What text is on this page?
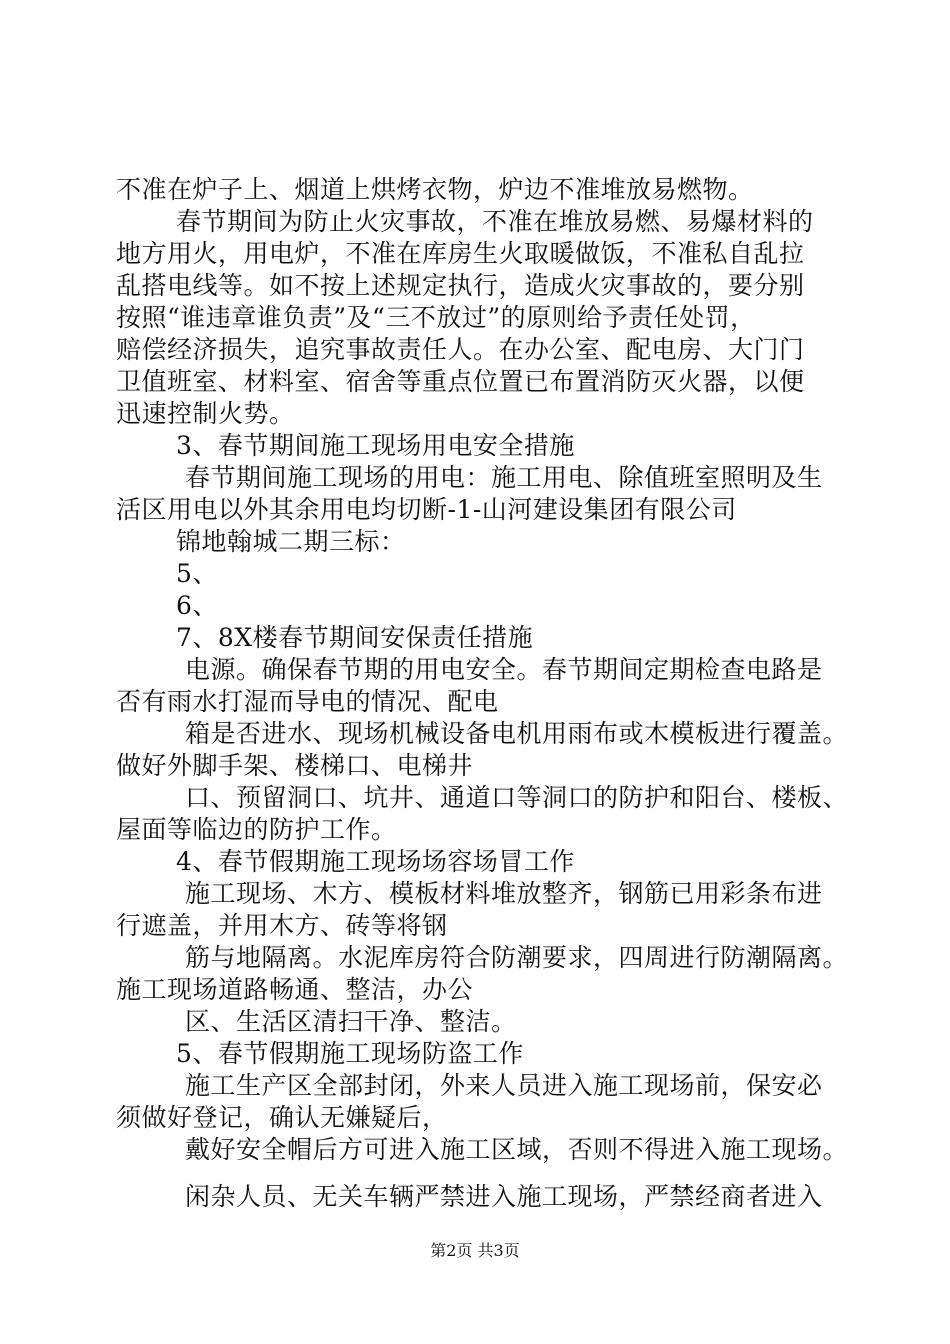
不准在炉子上、烟道上烘烤衣物，炉边不准堆放易燃物。
春节期间为防止火灾事故，不准在堆放易燃、易爆材料的
地方用火，用电炉，不准在库房生火取暖做饭，不准私自乱拉
乱搭电线等。如不按上述规定执行，造成火灾事故的，要分别
按照“谁违章谁负责”及“三不放过”的原则给予责任处罚，
赔偿经济损失，追究事故责任人。在办公室、配电房、大门门
卫值班室、材料室、宿舍等重点位置已布置消防灭火器，以便
迅速控制火势。
3、春节期间施工现场用电安全措施
春节期间施工现场的用电：施工用电、除值班室照明及生
活区用电以外其余用电均切断-1-山河建设集团有限公司
锦地翰城二期三标：
5、
6、
7、8X楼春节期间安保责任措施
电源。确保春节期的用电安全。春节期间定期检查电路是
否有雨水打湿而导电的情况、配电
箱是否进水、现场机械设备电机用雨布或木模板进行覆盖。
做好外脚手架、楼梯口、电梯井
口、预留洞口、坑井、通道口等洞口的防护和阳台、楼板、
屋面等临边的防护工作。
4、春节假期施工现场场容场冒工作
施工现场、木方、模板材料堆放整齐，钢筋已用彩条布进
行遮盖，并用木方、砖等将钢
筋与地隔离。水泥库房符合防潮要求，四周进行防潮隔离。
施工现场道路畅通、整洁，办公
区、生活区清扫干净、整洁。
5、春节假期施工现场防盗工作
施工生产区全部封闭，外来人员进入施工现场前，保安必
须做好登记，确认无嫌疑后，
戴好安全帽后方可进入施工区域，否则不得进入施工现场。
闲杂人员、无关车辆严禁进入施工现场，严禁经商者进入
第2页 共3页
